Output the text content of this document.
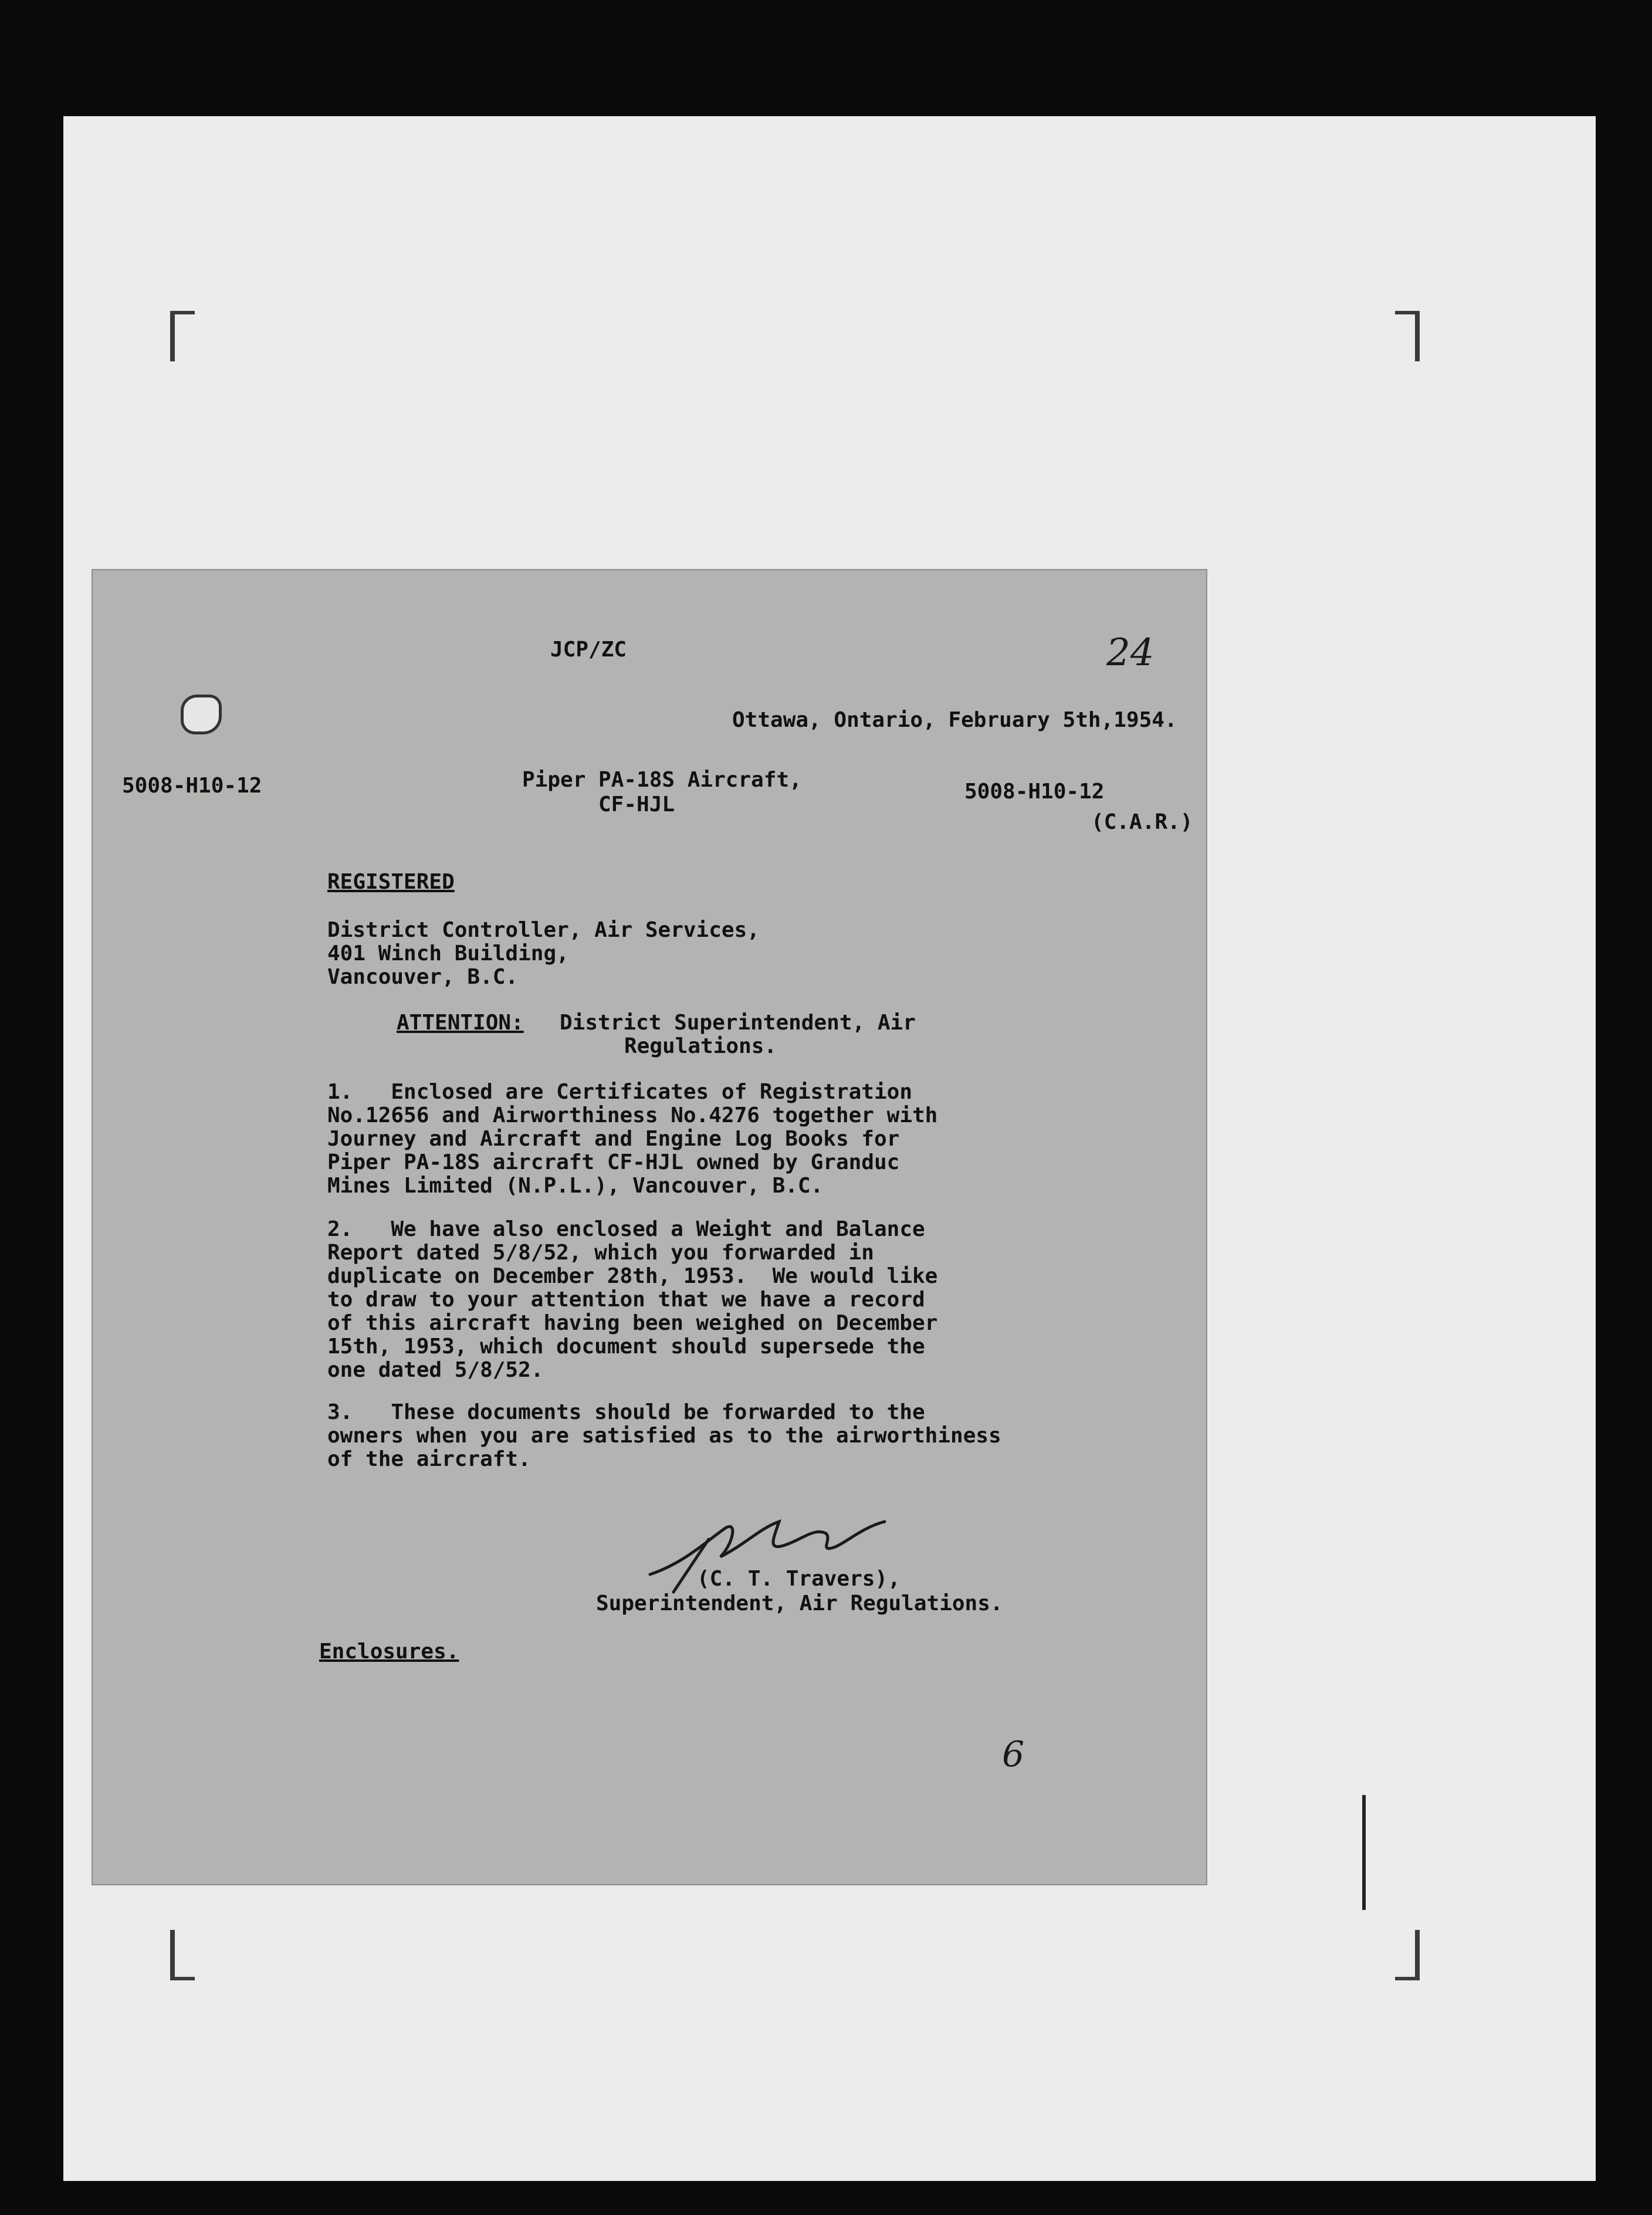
JCP/ZC	24
Ottawa, Ontario, February 5th,1954.
5008-H10-12	Piper PA-18S Aircraft,
CF-HJL
5008-H10-12
(C.A.R.)
REGISTERED
District Controller, Air Services,
401 Winch Building,
Vancouver, B.C.
ATTENTION: District Superintendent, Air
Regulations.
1.   Enclosed are Certificates of Registration
No.12656 and Airworthiness No.4276 together with
Journey and Aircraft and Engine Log Books for
Piper PA-18S aircraft CF-HJL owned by Granduc
Mines Limited (N.P.L.), Vancouver, B.C.
2.   We have also enclosed a Weight and Balance
Report dated 5/8/52, which you forwarded in
duplicate on December 28th, 1953.  We would like
to draw to your attention that we have a record
of this aircraft having been weighed on December
15th, 1953, which document should supersede the
one dated 5/8/52.
3.   These documents should be forwarded to the
owners when you are satisfied as to the airworthiness
of the aircraft.
(C. T. Travers),
Superintendent, Air Regulations.
Enclosures.
6
